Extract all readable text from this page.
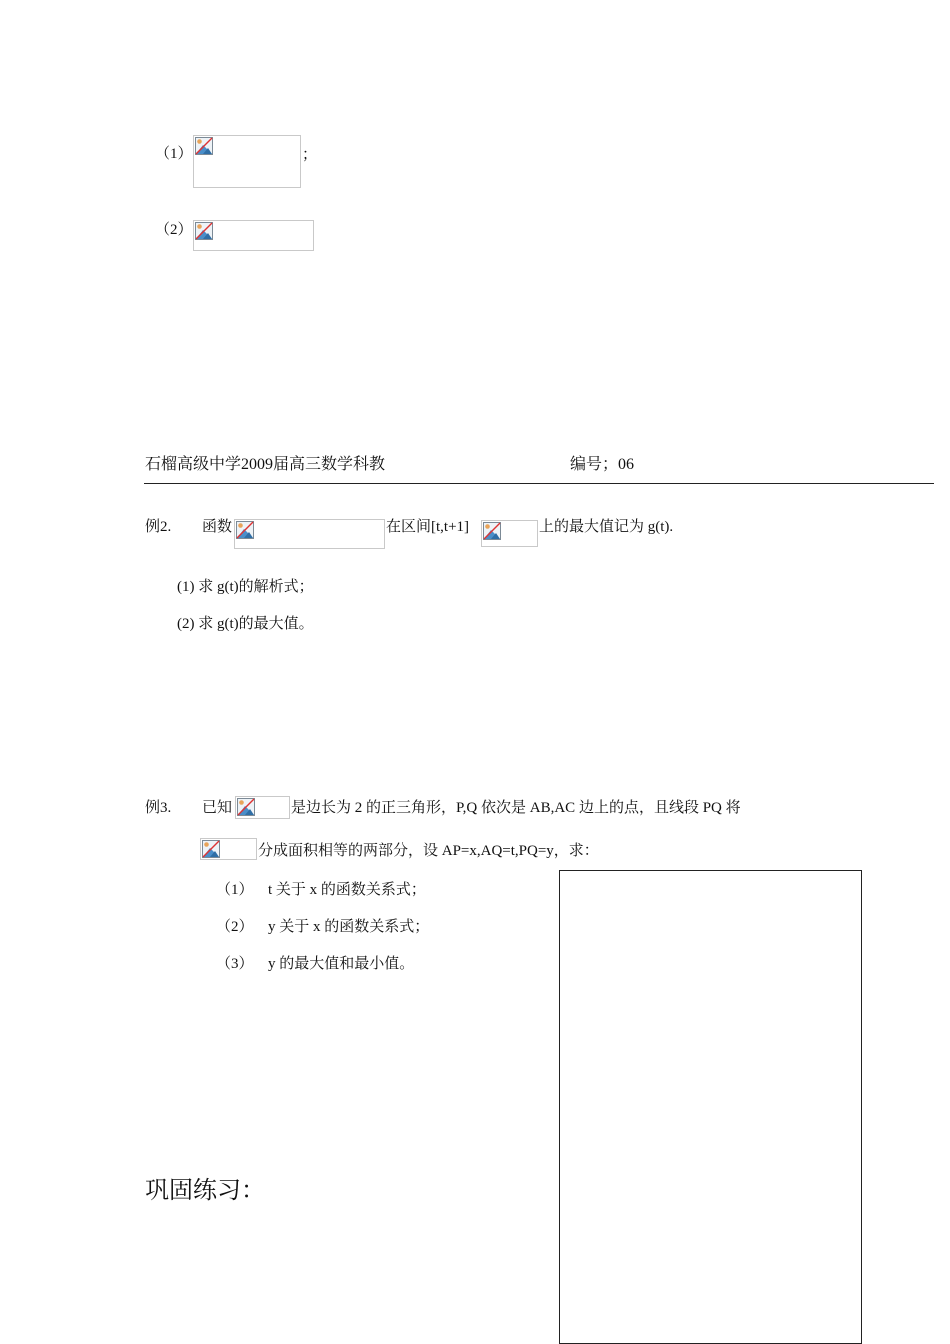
（1）	；
（2）
石榴高级中学2009届高三数学科教	编号；06
例2. 函数	在区间[t,t+1]	上的最大值记为 g(t).
(1) 求 g(t)的解析式；
(2) 求 g(t)的最大值。
例3. 已知	是边长为 2 的正三角形，P,Q 依次是 AB,AC 边上的点，且线段 PQ 将
分成面积相等的两部分，设 AP=x,AQ=t,PQ=y，求：
（1） t 关于 x 的函数关系式；
（2） y 关于 x 的函数关系式；
（3） y 的最大值和最小值。
巩固练习：
